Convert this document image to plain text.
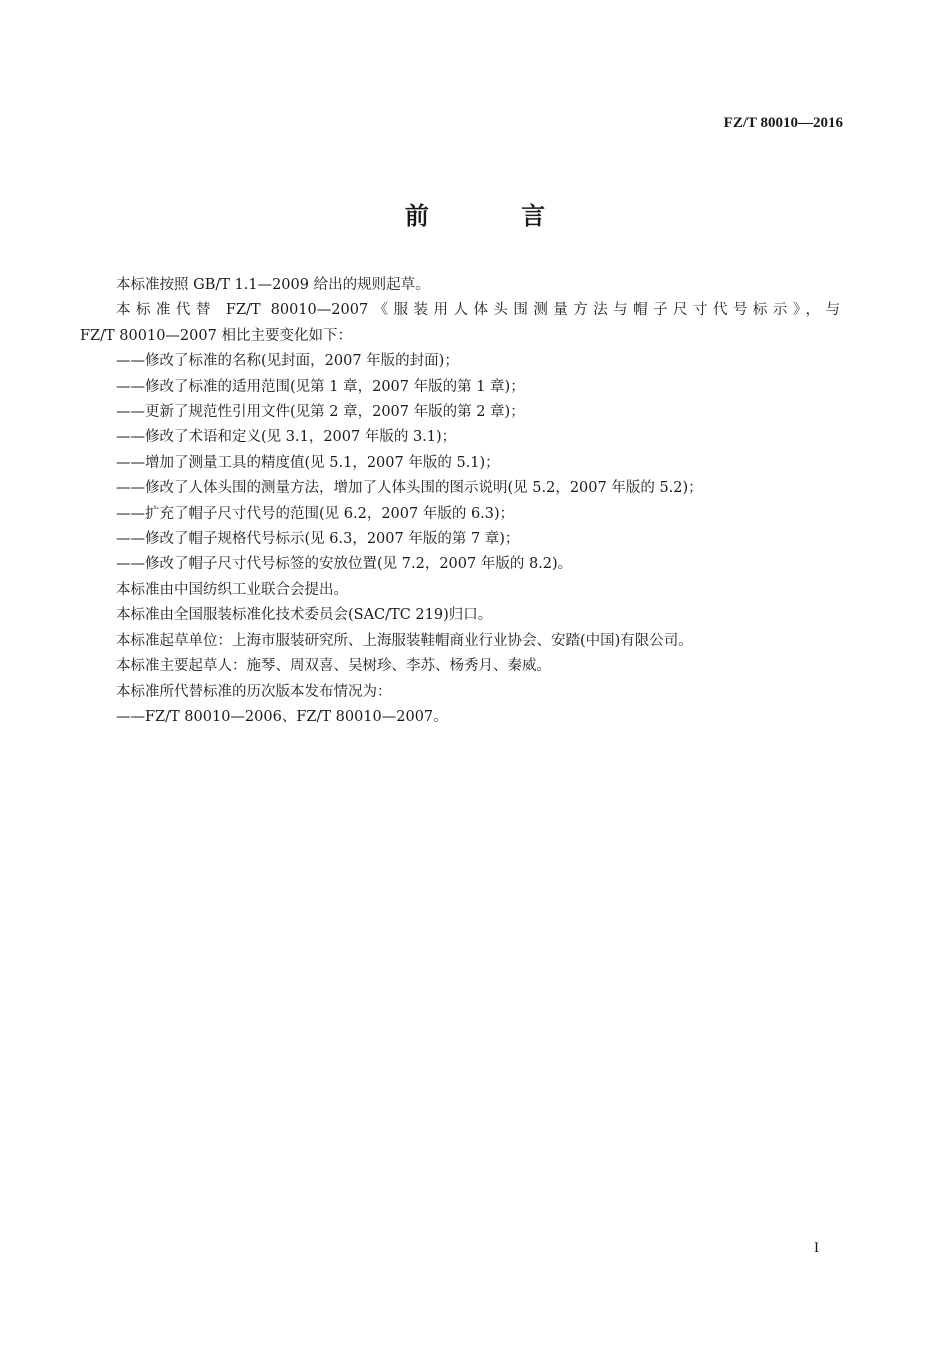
FZ/T 80010—2016
前 言
本标准按照 GB/T 1.1—2009 给出的规则起草。
本标准代替 FZ/T 80010—2007《服装用人体头围测量方法与帽子尺寸代号标示》，与
FZ/T 80010—2007 相比主要变化如下：
——修改了标准的名称(见封面，2007 年版的封面)；
——修改了标准的适用范围(见第 1 章，2007 年版的第 1 章)；
——更新了规范性引用文件(见第 2 章，2007 年版的第 2 章)；
——修改了术语和定义(见 3.1，2007 年版的 3.1)；
——增加了测量工具的精度值(见 5.1，2007 年版的 5.1)；
——修改了人体头围的测量方法，增加了人体头围的图示说明(见 5.2，2007 年版的 5.2)；
——扩充了帽子尺寸代号的范围(见 6.2，2007 年版的 6.3)；
——修改了帽子规格代号标示(见 6.3，2007 年版的第 7 章)；
——修改了帽子尺寸代号标签的安放位置(见 7.2，2007 年版的 8.2)。
本标准由中国纺织工业联合会提出。
本标准由全国服装标准化技术委员会(SAC/TC 219)归口。
本标准起草单位：上海市服装研究所、上海服装鞋帽商业行业协会、安踏(中国)有限公司。
本标准主要起草人：施琴、周双喜、吴树珍、李苏、杨秀月、秦威。
本标准所代替标准的历次版本发布情况为：
——FZ/T 80010—2006、FZ/T 80010—2007。
I
